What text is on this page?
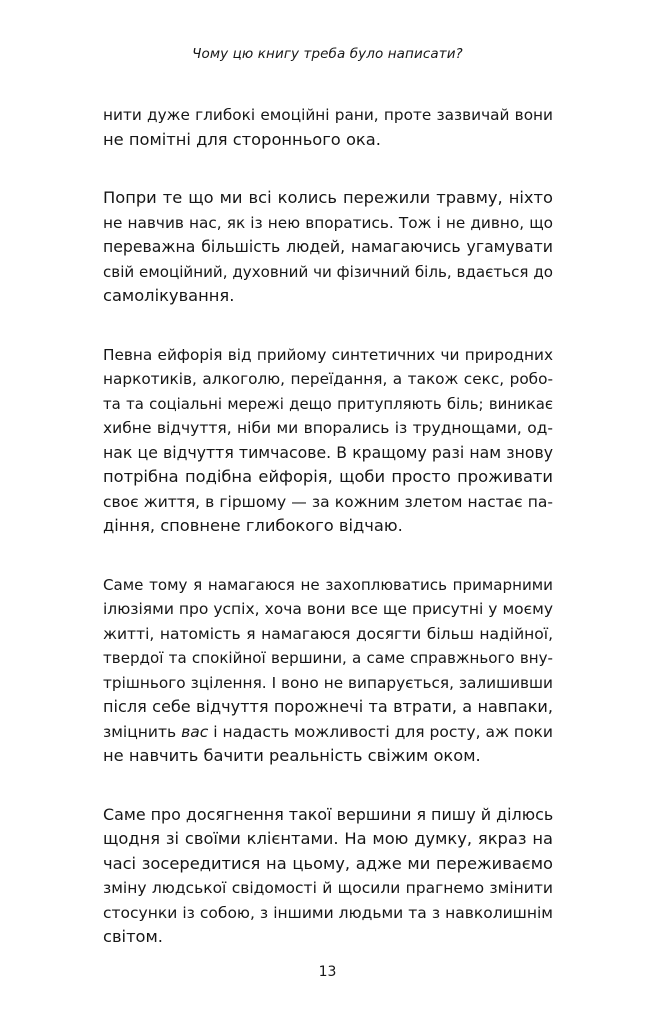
Чому цю книгу треба було написати?

нити дуже глибокі емоційні рани, проте зазвичай вони
не помітні для стороннього ока.

Попри те що ми всі колись пережили травму, ніхто
не навчив нас, як із нею впоратись. Тож і не дивно, що
переважна більшість людей, намагаючись угамувати
свій емоційний, духовний чи фізичний біль, вдається до
самолікування.

Певна ейфорія від прийому синтетичних чи природних
наркотиків, алкоголю, переїдання, а також секс, робо-
та та соціальні мережі дещо притупляють біль; виникає
хибне відчуття, ніби ми впорались із труднощами, од-
нак це відчуття тимчасове. В кращому разі нам знову
потрібна подібна ейфорія, щоби просто проживати
своє життя, в гіршому — за кожним злетом настає па-
діння, сповнене глибокого відчаю.

Саме тому я намагаюся не захоплюватись примарними
ілюзіями про успіх, хоча вони все ще присутні у моєму
житті, натомість я намагаюся досягти більш надійної,
твердої та спокійної вершини, а саме справжнього вну-
трішнього зцілення. І воно не випарується, залишивши
після себе відчуття порожнечі та втрати, а навпаки,
зміцнить вас і надасть можливості для росту, аж поки
не навчить бачити реальність свіжим оком.

Саме про досягнення такої вершини я пишу й ділюсь
щодня зі своїми клієнтами. На мою думку, якраз на
часі зосередитися на цьому, адже ми переживаємо
зміну людської свідомості й щосили прагнемо змінити
стосунки із собою, з іншими людьми та з навколишнім
світом.

13
